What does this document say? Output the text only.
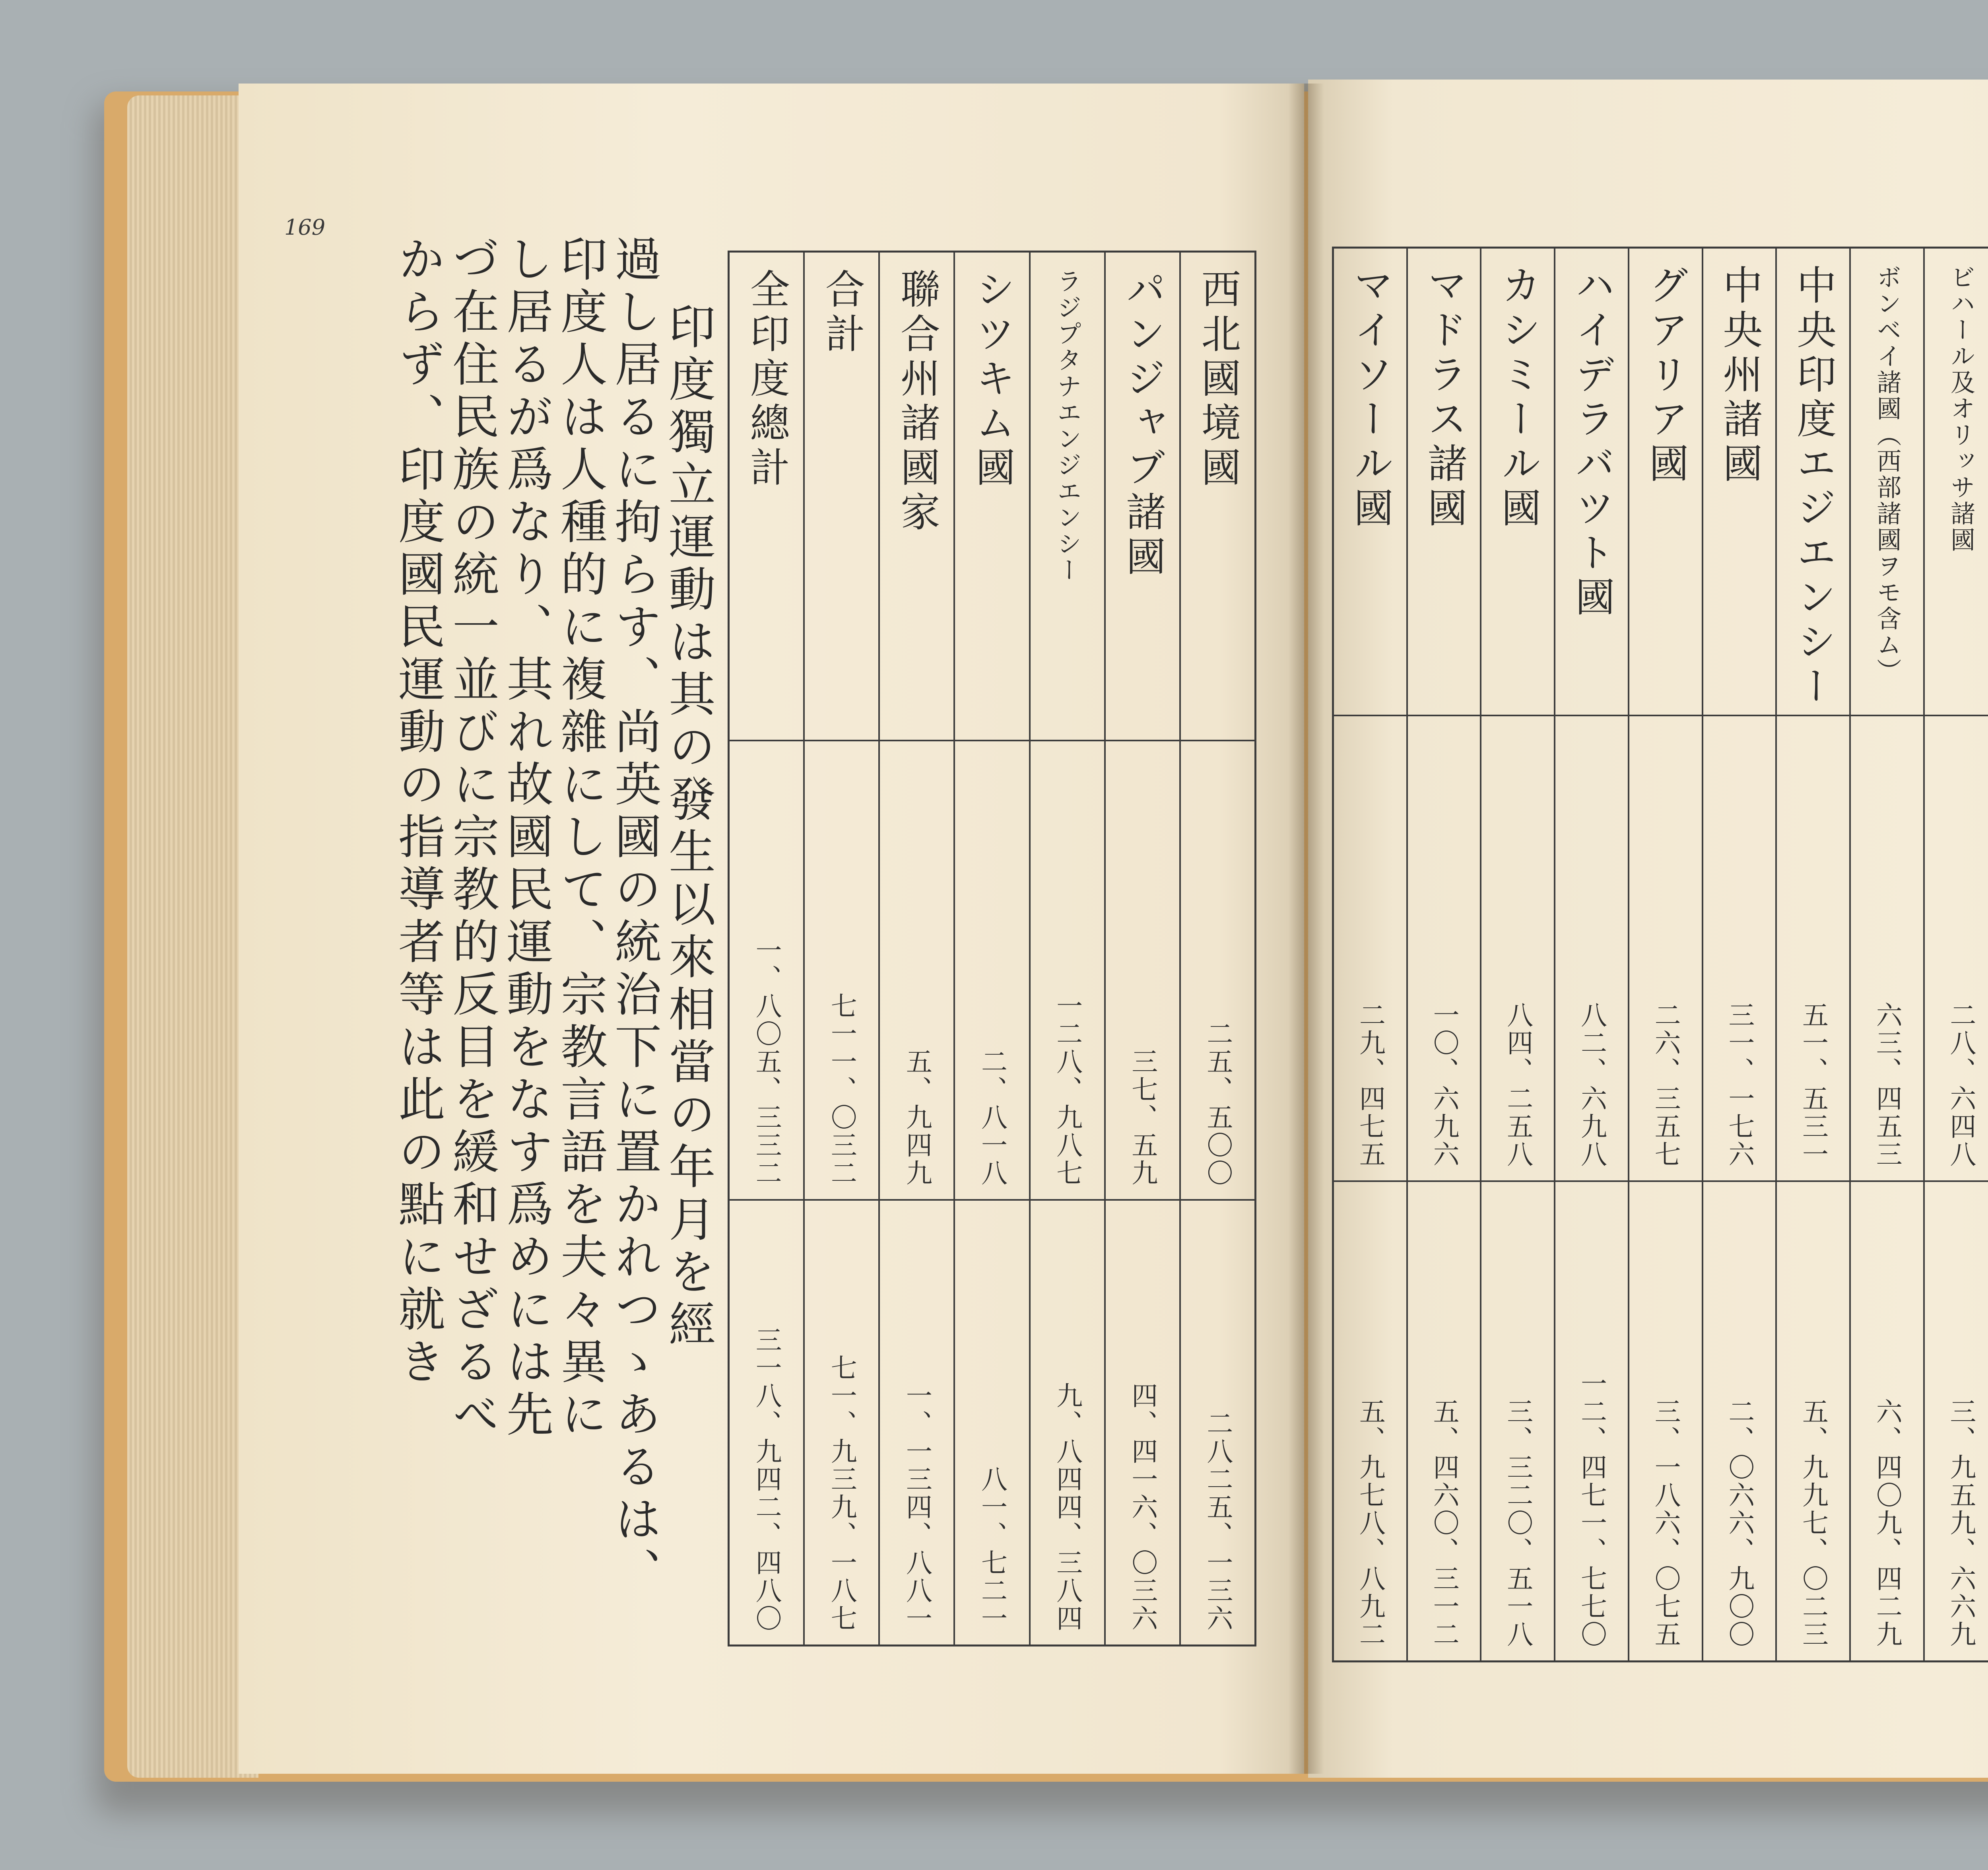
169
西北國境國
二五、五〇〇
二八二五、一三六
パンジャブ諸國
三七、五九
四、四一六、〇三六
ラジプタナエンジエンシー
一二八、九八七
九、八四四、三八四
シツキム國
二、八一八
八一、七二一
聯合州諸國家
五、九四九
一、一三四、八八一
合計
七一一、〇三二
七一、九三九、一八七
全印度總計
一、八〇五、三三二
三一八、九四二、四八〇
印度獨立運動は其の發生以來相當の年月を經
過し居るに拘らす、尚英國の統治下に置かれつゝあるは、
印度人は人種的に複雜にして、宗教言語を夫々異に
し居るが爲なり、其れ故國民運動をなす爲めには先
づ在住民族の統一並びに宗教的反目を緩和せざるべ
からず、印度國民運動の指導者等は此の點に就き	ビハール及オリッサ諸國
二八、六四八
三、九五九、六六九
ボンベイ諸國（西部諸國ヲモ含ム）
六三、四五三
六、四〇九、四二九
中央印度エジエンシー
五一、五三一
五、九九七、〇二三
中央州諸國
三一、一七六
二、〇六六、九〇〇
グアリア國
二六、三五七
三、一八六、〇七五
ハイデラバツト國
八二、六九八
一二、四七一、七七〇
カシミール國
八四、二五八
三、三二〇、五一八
マドラス諸國
一〇、六九六
五、四六〇、三一二
マイソール國
二九、四七五
五、九七八、八九二
